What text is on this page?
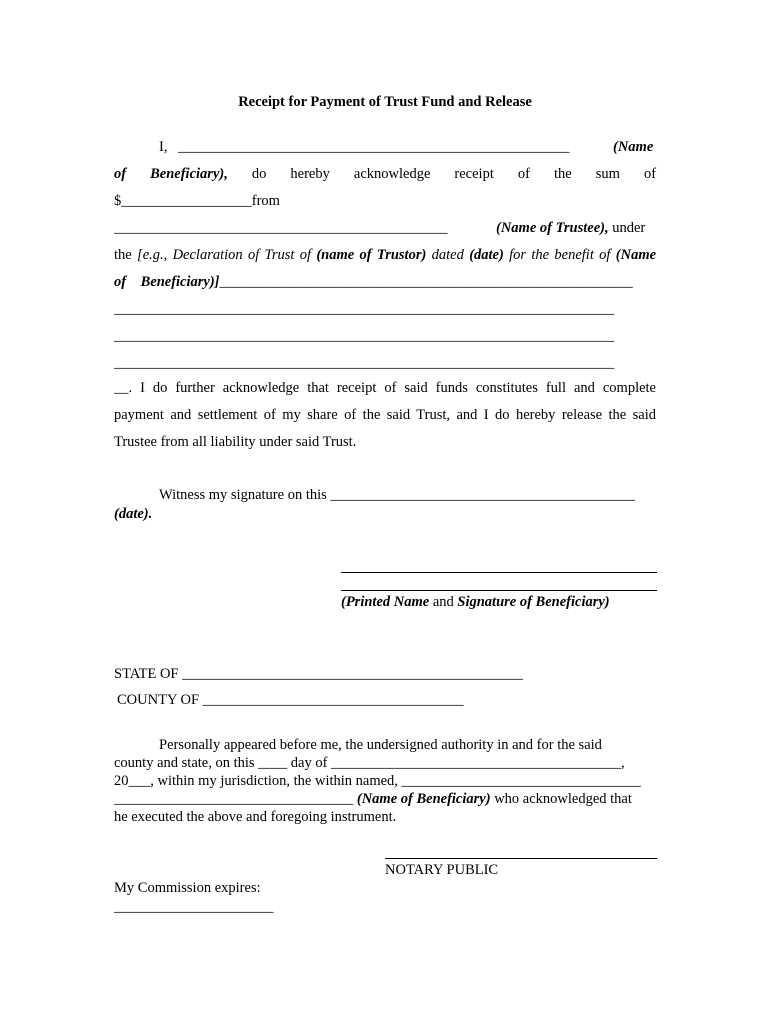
Receipt for Payment of Trust Fund and Release
I, ______________________________________________________	(Name
of Beneficiary), do hereby acknowledge receipt of the sum of
$__________________from
______________________________________________	(Name of Trustee), under
the [e.g., Declaration of Trust of (name of Trustor) dated (date) for the benefit of (Name
of Beneficiary)]_________________________________________________________
_____________________________________________________________________
_____________________________________________________________________
_____________________________________________________________________
__. I do further acknowledge that receipt of said funds constitutes full and complete
payment and settlement of my share of the said Trust, and I do hereby release the said
Trustee from all liability under said Trust.
Witness my signature on this __________________________________________
(date).
(Printed Name and Signature of Beneficiary)
STATE OF _______________________________________________
COUNTY OF ____________________________________
Personally appeared before me, the undersigned authority in and for the said
county and state, on this ____ day of ________________________________________,
20___, within my jurisdiction, the within named, _________________________________
_________________________________ (Name of Beneficiary) who acknowledged that
he executed the above and foregoing instrument.
NOTARY PUBLIC
My Commission expires:
______________________
